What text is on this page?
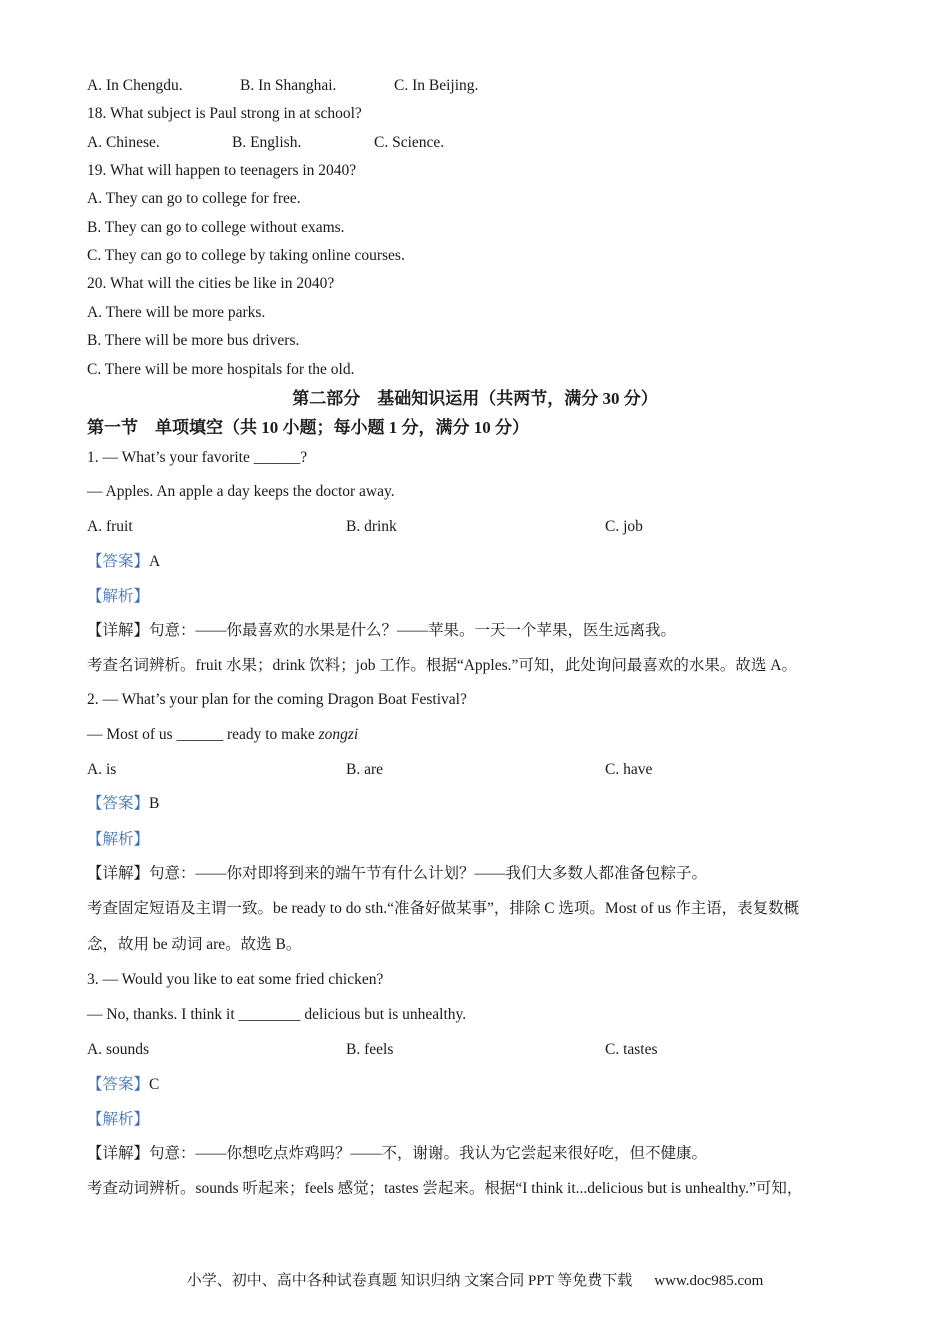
A. In Chengdu.	B. In Shanghai.	C. In Beijing.
18. What subject is Paul strong in at school?
A. Chinese.	B. English.	C. Science.
19. What will happen to teenagers in 2040?
A. They can go to college for free.
B. They can go to college without exams.
C. They can go to college by taking online courses.
20. What will the cities be like in 2040?
A. There will be more parks.
B. There will be more bus drivers.
C. There will be more hospitals for the old.
第二部分　基础知识运用（共两节，满分 30 分）
第一节　单项填空（共 10 小题；每小题 1 分，满分 10 分）
1. — What’s your favorite ______?
— Apples. An apple a day keeps the doctor away.
A. fruit	B. drink	C. job
【答案】A
【解析】
【详解】句意：——你最喜欢的水果是什么？——苹果。一天一个苹果，医生远离我。
考查名词辨析。fruit 水果；drink 饮料；job 工作。根据“Apples.”可知，此处询问最喜欢的水果。故选 A。
2. — What’s your plan for the coming Dragon Boat Festival?
— Most of us ______ ready to make zongzi
A. is	B. are	C. have
【答案】B
【解析】
【详解】句意：——你对即将到来的端午节有什么计划？——我们大多数人都准备包粽子。
考查固定短语及主谓一致。be ready to do sth.“准备好做某事”，排除 C 选项。Most of us 作主语，表复数概
念，故用 be 动词 are。故选 B。
3. — Would you like to eat some fried chicken?
— No, thanks. I think it ________ delicious but is unhealthy.
A. sounds	B. feels	C. tastes
【答案】C
【解析】
【详解】句意：——你想吃点炸鸡吗？——不，谢谢。我认为它尝起来很好吃，但不健康。
考查动词辨析。sounds 听起来；feels 感觉；tastes 尝起来。根据“I think it...delicious but is unhealthy.”可知，
小学、初中、高中各种试卷真题 知识归纳 文案合同 PPT 等免费下载 www.doc985.com
